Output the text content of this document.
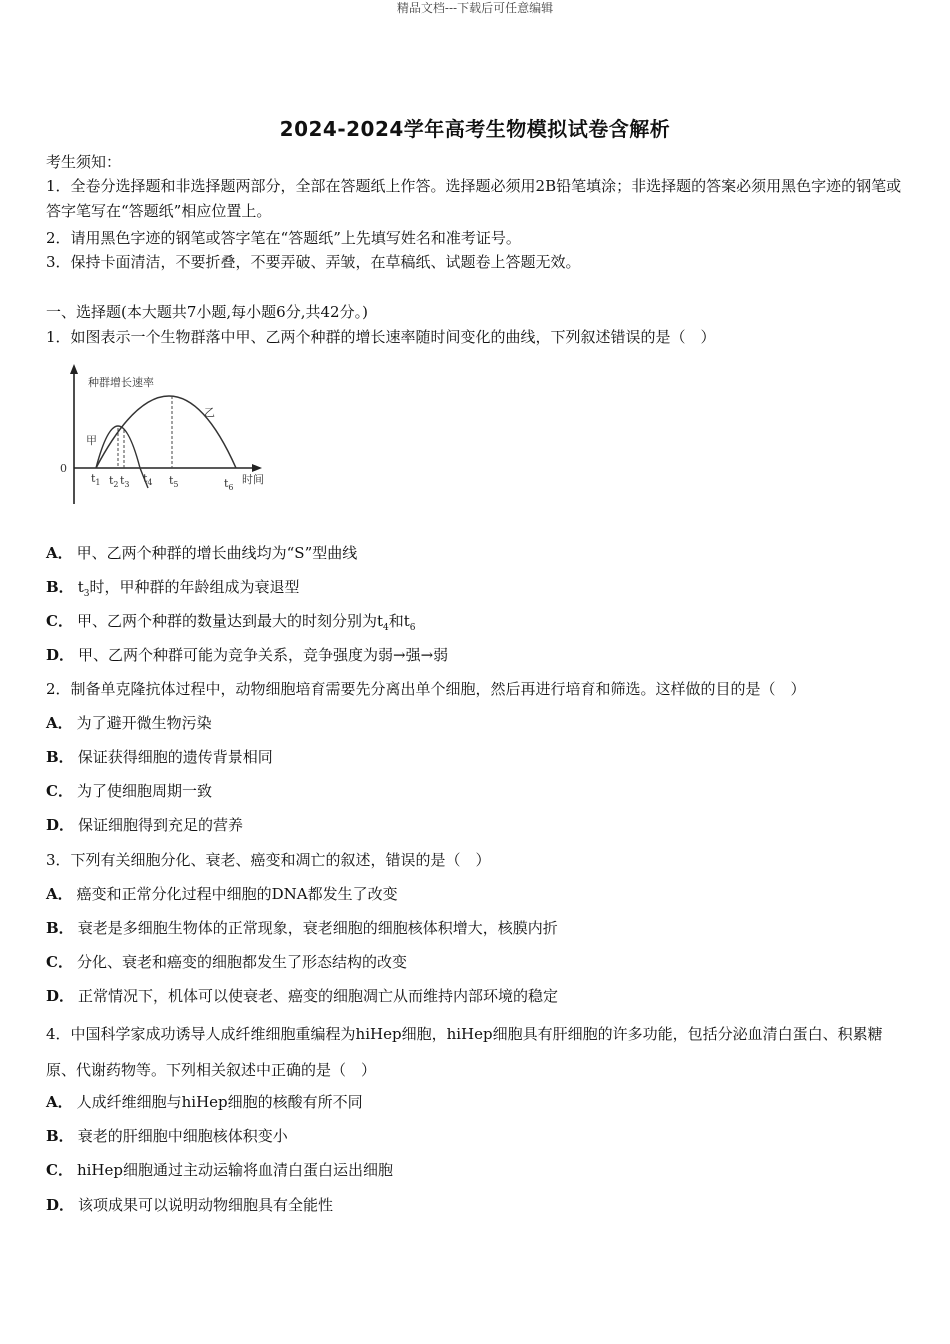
精品文档---下载后可任意编辑
2024-2024学年高考生物模拟试卷含解析
考生须知：
1．全卷分选择题和非选择题两部分，全部在答题纸上作答。选择题必须用2B铅笔填涂；非选择题的答案必须用黑色字迹的钢笔或答字笔写在“答题纸”相应位置上。
2．请用黑色字迹的钢笔或答字笔在“答题纸”上先填写姓名和准考证号。
3．保持卡面清洁，不要折叠，不要弄破、弄皱，在草稿纸、试题卷上答题无效。
一、选择题(本大题共7小题,每小题6分,共42分。)
1．如图表示一个生物群落中甲、乙两个种群的增长速率随时间变化的曲线，下列叙述错误的是（　）
种群增长速率
时间
0
甲
乙
$t_1$ $t_2$ $t_3$ $t_4$ $t_5$	$t_6$
A． 甲、乙两个种群的增长曲线均为“S”型曲线
B． $t_3$时，甲种群的年龄组成为衰退型
C． 甲、乙两个种群的数量达到最大的时刻分别为$t_4$和$t_6$
D． 甲、乙两个种群可能为竞争关系，竞争强度为弱→强→弱
2．制备单克隆抗体过程中，动物细胞培育需要先分离出单个细胞，然后再进行培育和筛选。这样做的目的是（　）
A． 为了避开微生物污染
B． 保证获得细胞的遗传背景相同
C． 为了使细胞周期一致
D． 保证细胞得到充足的营养
3．下列有关细胞分化、衰老、癌变和凋亡的叙述，错误的是（　）
A． 癌变和正常分化过程中细胞的DNA都发生了改变
B． 衰老是多细胞生物体的正常现象，衰老细胞的细胞核体积增大，核膜内折
C． 分化、衰老和癌变的细胞都发生了形态结构的改变
D． 正常情况下，机体可以使衰老、癌变的细胞凋亡从而维持内部环境的稳定
4．中国科学家成功诱导人成纤维细胞重编程为hiHep细胞，hiHep细胞具有肝细胞的许多功能，包括分泌血清白蛋白、积累糖原、代谢药物等。下列相关叙述中正确的是（　）
A． 人成纤维细胞与hiHep细胞的核酸有所不同
B． 衰老的肝细胞中细胞核体积变小
C． hiHep细胞通过主动运输将血清白蛋白运出细胞
D． 该项成果可以说明动物细胞具有全能性
